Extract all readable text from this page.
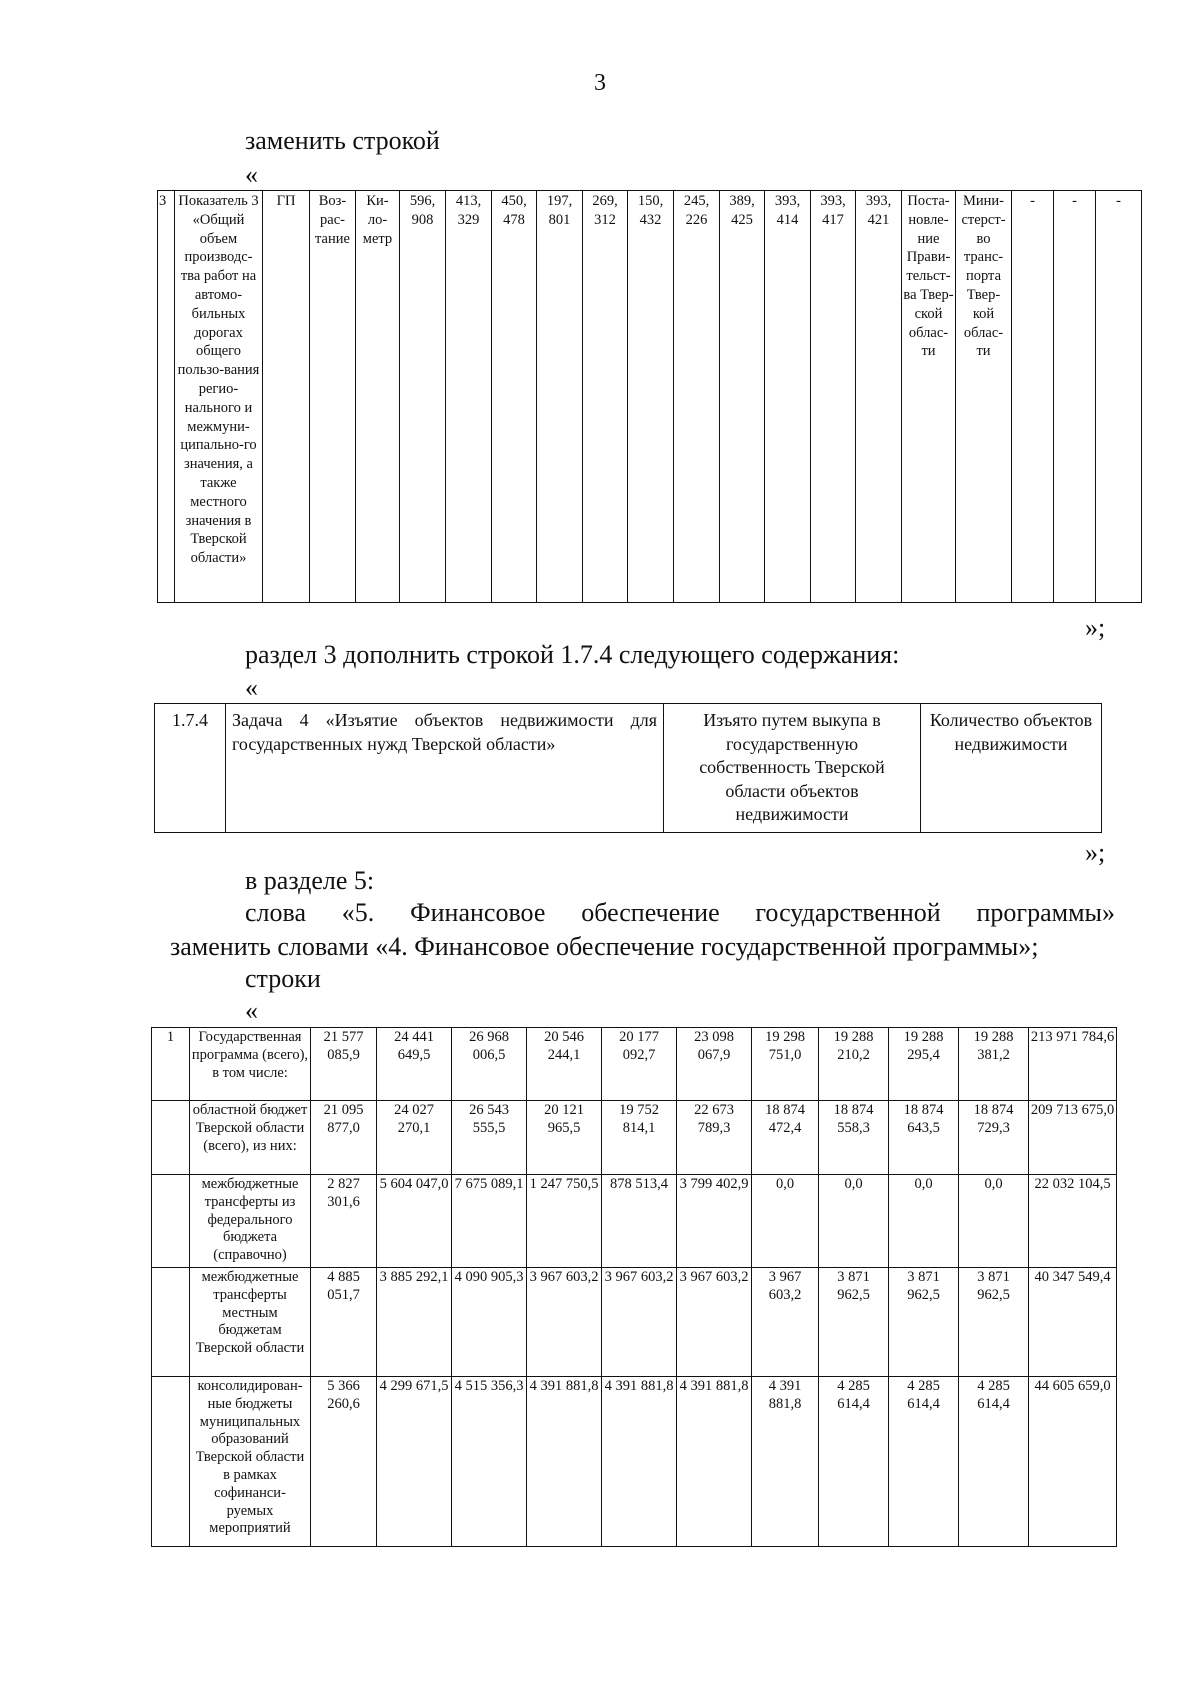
3
заменить строкой
«
3	Показатель 3 «Общий объем производс-тва работ на автомо-бильных дорогах общего пользо-вания регио-нального и межмуни-ципально-го значения, а также местного значения в Тверской области»	ГП	Воз-рас-тание	Ки-ло-метр	596, 908	413, 329	450, 478	197, 801	269, 312	150, 432	245, 226	389, 425	393, 414	393, 417	393, 421	Поста-новле-ние Прави-тельст-ва Твер-ской облас-ти	Мини-стерст-во транс-порта Твер-кой облас-ти	-	-	-
»;
раздел 3 дополнить строкой 1.7.4 следующего содержания:
«
1.7.4	Задача 4 «Изъятие объектов недвижимости для государственных нужд Тверской области»	Изъято путем выкупа в государственную собственность Тверской области объектов недвижимости	Количество объектов недвижимости
»;
в разделе 5:
слова «5. Финансовое обеспечение государственной программы»
заменить словами «4. Финансовое обеспечение государственной программы»;
строки
«
1	Государственная программа (всего), в том числе:	21 577 085,9	24 441 649,5	26 968 006,5	20 546 244,1	20 177 092,7	23 098 067,9	19 298 751,0	19 288 210,2	19 288 295,4	19 288 381,2	213 971 784,6
	областной бюджет Тверской области (всего), из них:	21 095 877,0	24 027 270,1	26 543 555,5	20 121 965,5	19 752 814,1	22 673 789,3	18 874 472,4	18 874 558,3	18 874 643,5	18 874 729,3	209 713 675,0
	межбюджетные трансферты из федерального бюджета (справочно)	2 827 301,6	5 604 047,0	7 675 089,1	1 247 750,5	878 513,4	3 799 402,9	0,0	0,0	0,0	0,0	22 032 104,5
	межбюджетные трансферты местным бюджетам Тверской области	4 885 051,7	3 885 292,1	4 090 905,3	3 967 603,2	3 967 603,2	3 967 603,2	3 967 603,2	3 871 962,5	3 871 962,5	3 871 962,5	40 347 549,4
	консолидирован-ные бюджеты муниципальных образований Тверской области в рамках софинанси-руемых мероприятий	5 366 260,6	4 299 671,5	4 515 356,3	4 391 881,8	4 391 881,8	4 391 881,8	4 391 881,8	4 285 614,4	4 285 614,4	4 285 614,4	44 605 659,0
